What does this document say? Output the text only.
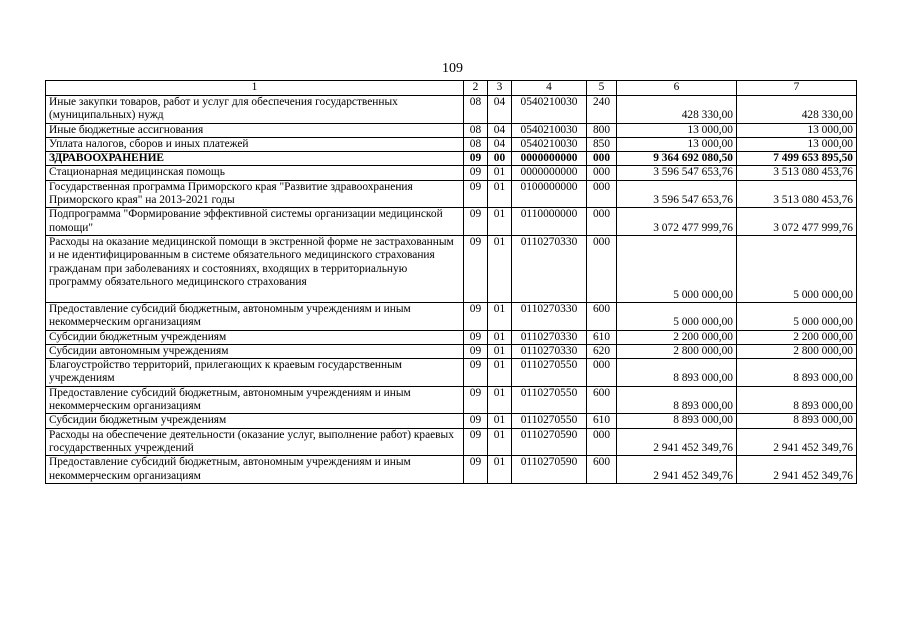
109
1	2	3	4	5	6	7
Иные закупки товаров, работ и услуг для обеспечения государственных (муниципальных) нужд	08	04	0540210030	240	428 330,00	428 330,00
Иные бюджетные ассигнования	08	04	0540210030	800	13 000,00	13 000,00
Уплата налогов, сборов и иных платежей	08	04	0540210030	850	13 000,00	13 000,00
ЗДРАВООХРАНЕНИЕ	09	00	0000000000	000	9 364 692 080,50	7 499 653 895,50
Стационарная медицинская помощь	09	01	0000000000	000	3 596 547 653,76	3 513 080 453,76
Государственная программа Приморского края "Развитие здравоохранения Приморского края" на 2013-2021 годы	09	01	0100000000	000	3 596 547 653,76	3 513 080 453,76
Подпрограмма "Формирование эффективной системы организации медицинской помощи"	09	01	0110000000	000	3 072 477 999,76	3 072 477 999,76
Расходы на оказание медицинской помощи в экстренной форме не застрахованным и не идентифицированным в системе обязательного медицинского страхования гражданам при заболеваниях и состояниях, входящих в территориальную программу обязательного медицинского страхования	09	01	0110270330	000	5 000 000,00	5 000 000,00
Предоставление субсидий бюджетным, автономным учреждениям и иным некоммерческим организациям	09	01	0110270330	600	5 000 000,00	5 000 000,00
Субсидии бюджетным учреждениям	09	01	0110270330	610	2 200 000,00	2 200 000,00
Субсидии автономным учреждениям	09	01	0110270330	620	2 800 000,00	2 800 000,00
Благоустройство территорий, прилегающих к краевым государственным учреждениям	09	01	0110270550	000	8 893 000,00	8 893 000,00
Предоставление субсидий бюджетным, автономным учреждениям и иным некоммерческим организациям	09	01	0110270550	600	8 893 000,00	8 893 000,00
Субсидии бюджетным учреждениям	09	01	0110270550	610	8 893 000,00	8 893 000,00
Расходы на обеспечение деятельности (оказание услуг, выполнение работ) краевых государственных учреждений	09	01	0110270590	000	2 941 452 349,76	2 941 452 349,76
Предоставление субсидий бюджетным, автономным учреждениям и иным некоммерческим организациям	09	01	0110270590	600	2 941 452 349,76	2 941 452 349,76
